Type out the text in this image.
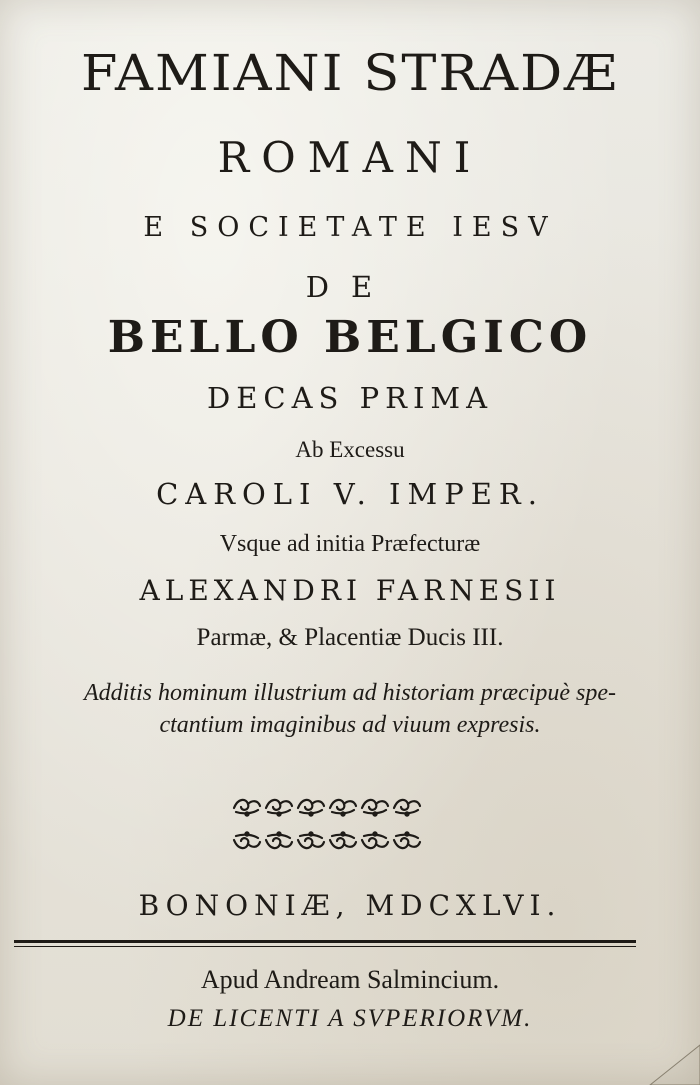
FAMIANI STRADÆ

ROMANI

E SOCIETATE IESV

DE

BELLO BELGICO

DECAS PRIMA

Ab Excessu

CAROLI V. IMPER.

Vsque ad initia Præfecturæ

ALEXANDRI FARNESII

Parmæ, & Placentiæ Ducis III.

Additis hominum illustrium ad historiam præcipuè spe-

ctantium imaginibus ad viuum expresis.

BONONIÆ, MDCXLVI.

Apud Andream Salmincium.

DE LICENTI A SVPERIORVM.
